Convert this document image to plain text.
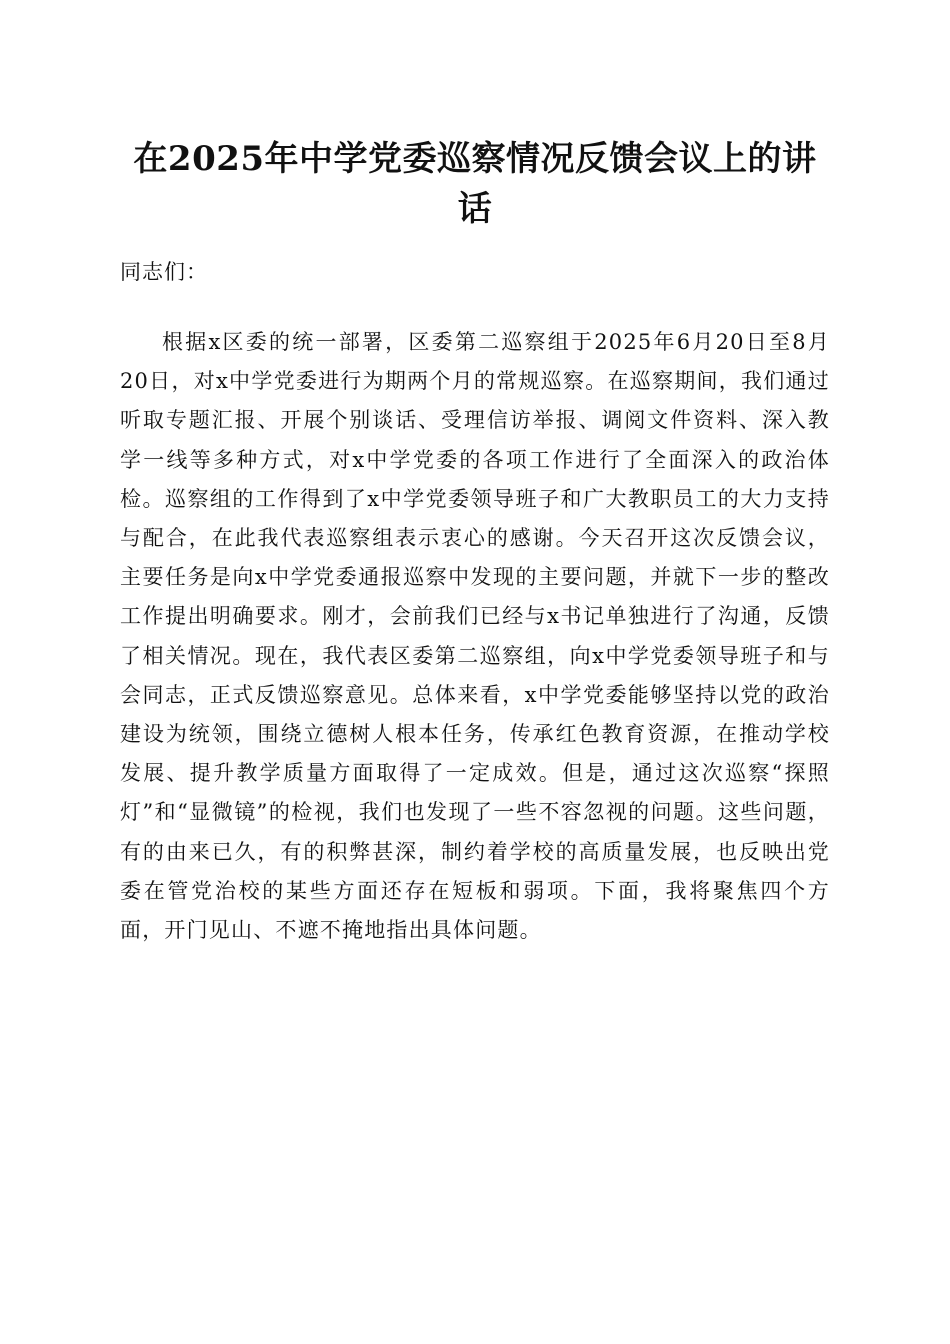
在2025年中学党委巡察情况反馈会议上的讲话

同志们：

根据x区委的统一部署，区委第二巡察组于2025年6月20日至8月20日，对x中学党委进行为期两个月的常规巡察。在巡察期间，我们通过听取专题汇报、开展个别谈话、受理信访举报、调阅文件资料、深入教学一线等多种方式，对x中学党委的各项工作进行了全面深入的政治体检。巡察组的工作得到了x中学党委领导班子和广大教职员工的大力支持与配合，在此我代表巡察组表示衷心的感谢。今天召开这次反馈会议，主要任务是向x中学党委通报巡察中发现的主要问题，并就下一步的整改工作提出明确要求。刚才，会前我们已经与x书记单独进行了沟通，反馈了相关情况。现在，我代表区委第二巡察组，向x中学党委领导班子和与会同志，正式反馈巡察意见。总体来看，x中学党委能够坚持以党的政治建设为统领，围绕立德树人根本任务，传承红色教育资源，在推动学校发展、提升教学质量方面取得了一定成效。但是，通过这次巡察“探照灯”和“显微镜”的检视，我们也发现了一些不容忽视的问题。这些问题，有的由来已久，有的积弊甚深，制约着学校的高质量发展，也反映出党委在管党治校的某些方面还存在短板和弱项。下面，我将聚焦四个方面，开门见山、不遮不掩地指出具体问题。
